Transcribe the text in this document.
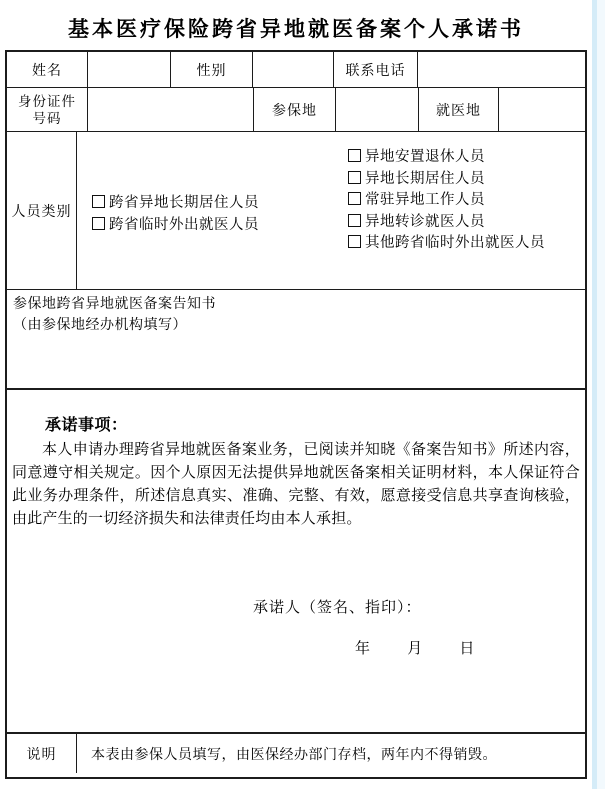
基本医疗保险跨省异地就医备案个人承诺书
姓名	性别	联系电话
身份证件
号码
参保地	就医地
人员类别	跨省异地长期居住人员
跨省临时外出就医人员
异地安置退休人员
异地长期居住人员
常驻异地工作人员
异地转诊就医人员
其他跨省临时外出就医人员
参保地跨省异地就医备案告知书
（由参保地经办机构填写）
承诺事项：
本人申请办理跨省异地就医备案业务，已阅读并知晓《备案告知书》所述内容，同意遵守相关规定。因个人原因无法提供异地就医备案相关证明材料，本人保证符合此业务办理条件，所述信息真实、准确、完整、有效，愿意接受信息共享查询核验，由此产生的一切经济损失和法律责任均由本人承担。
承诺人（签名、指印）：
年 月 日
说明	本表由参保人员填写，由医保经办部门存档，两年内不得销毁。
